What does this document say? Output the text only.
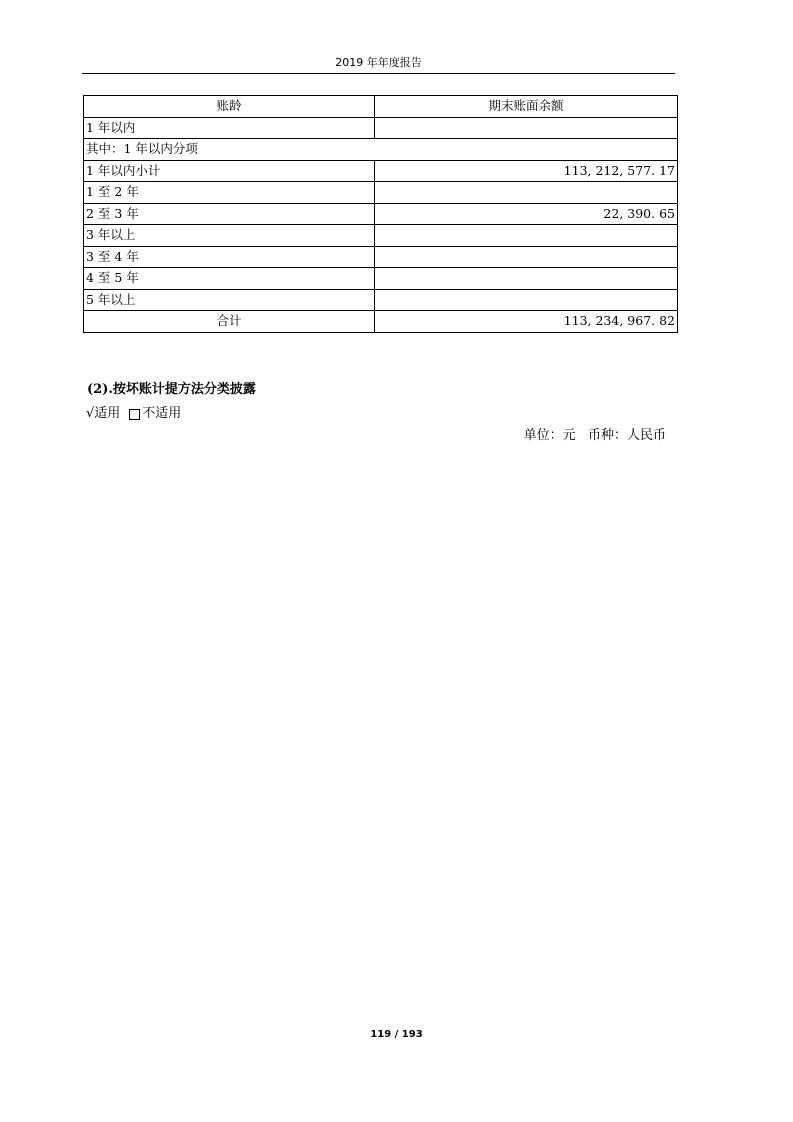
2019 年年度报告
账龄	期末账面余额
1 年以内	
其中：1 年以内分项	
1 年以内小计	113, 212, 577. 17
1 至 2 年	
2 至 3 年	22, 390. 65
3 年以上	
3 至 4 年	
4 至 5 年	
5 年以上	
合计	113, 234, 967. 82
(2).按坏账计提方法分类披露
√适用 不适用
单位：元   币种：人民币
119 / 193
